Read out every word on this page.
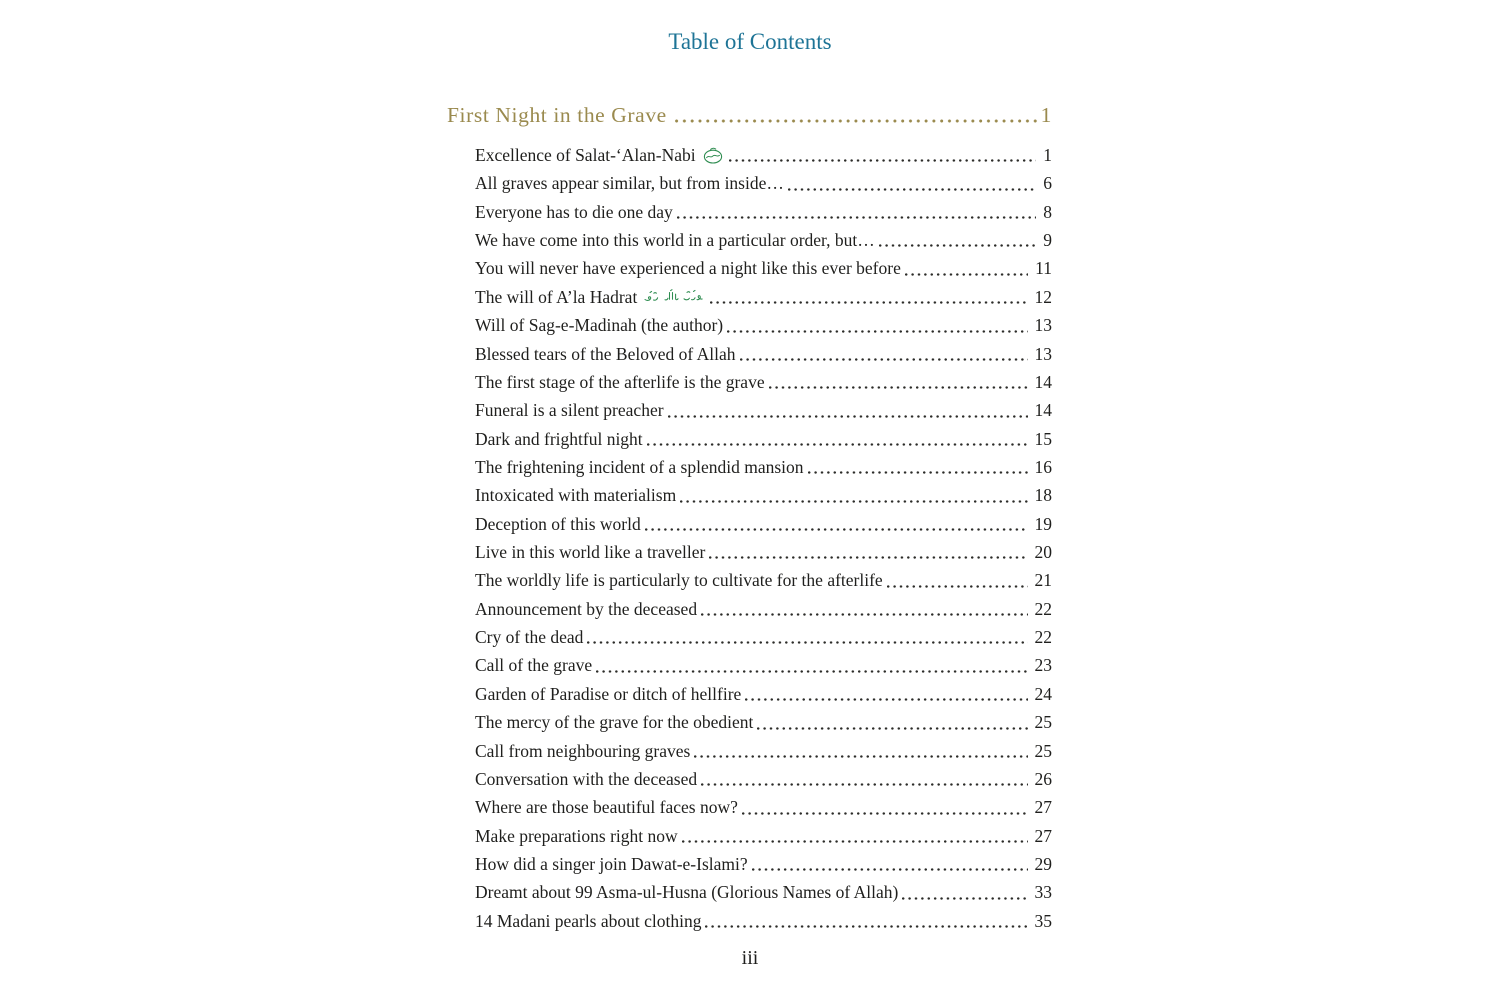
Table of Contents
First Night in the Grave	1
Excellence of Salat-‘Alan-Nabi	1
All graves appear similar, but from inside…	6
Everyone has to die one day	8
We have come into this world in a particular order, but…	9
You will never have experienced a night like this ever before	11
The will of A’la Hadrat	12
Will of Sag-e-Madinah (the author)	13
Blessed tears of the Beloved of Allah	13
The first stage of the afterlife is the grave	14
Funeral is a silent preacher	14
Dark and frightful night	15
The frightening incident of a splendid mansion	16
Intoxicated with materialism	18
Deception of this world	19
Live in this world like a traveller	20
The worldly life is particularly to cultivate for the afterlife	21
Announcement by the deceased	22
Cry of the dead	22
Call of the grave	23
Garden of Paradise or ditch of hellfire	24
The mercy of the grave for the obedient	25
Call from neighbouring graves	25
Conversation with the deceased	26
Where are those beautiful faces now?	27
Make preparations right now	27
How did a singer join Dawat-e-Islami?	29
Dreamt about 99 Asma-ul-Husna (Glorious Names of Allah)	33
14 Madani pearls about clothing	35
iii
